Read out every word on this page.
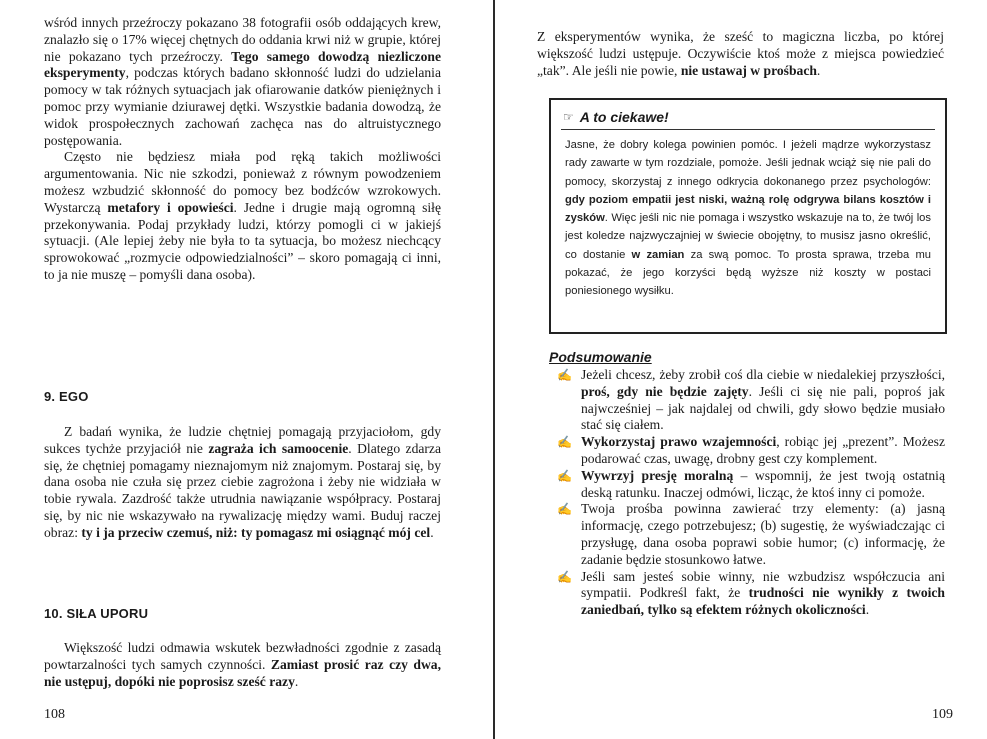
wśród innych przeźroczy pokazano 38 fotografii osób oddających krew, znalazło się o 17% więcej chętnych do oddania krwi niż w grupie, której nie pokazano tych przeźroczy. Tego samego dowodzą niezliczone eksperymenty, podczas których badano skłonność ludzi do udzielania pomocy w tak różnych sytuacjach jak ofiarowanie datków pieniężnych i pomoc przy wymianie dziurawej dętki. Wszystkie badania dowodzą, że widok prospołecznych zachowań zachęca nas do altruistycznego postępowania.

Często nie będziesz miała pod ręką takich możliwości argumentowania. Nic nie szkodzi, ponieważ z równym powodzeniem możesz wzbudzić skłonność do pomocy bez bodźców wzrokowych. Wystarczą metafory i opowieści. Jedne i drugie mają ogromną siłę przekonywania. Podaj przykłady ludzi, którzy pomogli ci w jakiejś sytuacji. (Ale lepiej żeby nie była to ta sytuacja, bo możesz niechcący sprowokować „rozmycie odpowiedzialności” – skoro pomagają ci inni, to ja nie muszę – pomyśli dana osoba).

9. EGO

Z badań wynika, że ludzie chętniej pomagają przyjaciołom, gdy sukces tychże przyjaciół nie zagraża ich samoocenie. Dlatego zdarza się, że chętniej pomagamy nieznajomym niż znajomym. Postaraj się, by dana osoba nie czuła się przez ciebie zagrożona i żeby nie widziała w tobie rywala. Zazdrość także utrudnia nawiązanie współpracy. Postaraj się, by nic nie wskazywało na rywalizację między wami. Buduj raczej obraz: ty i ja przeciw czemuś, niż: ty pomagasz mi osiągnąć mój cel.

10. SIŁA UPORU

Większość ludzi odmawia wskutek bezwładności zgodnie z zasadą powtarzalności tych samych czynności. Zamiast prosić raz czy dwa, nie ustępuj, dopóki nie poprosisz sześć razy.

108

Z eksperymentów wynika, że sześć to magiczna liczba, po której większość ludzi ustępuje. Oczywiście ktoś może z miejsca powiedzieć „tak”. Ale jeśli nie powie, nie ustawaj w prośbach.

☞ A to ciekawe!
Jasne, że dobry kolega powinien pomóc. I jeżeli mądrze wykorzystasz rady zawarte w tym rozdziale, pomoże. Jeśli jednak wciąż się nie pali do pomocy, skorzystaj z innego odkrycia dokonanego przez psychologów: gdy poziom empatii jest niski, ważną rolę odgrywa bilans kosztów i zysków. Więc jeśli nic nie pomaga i wszystko wskazuje na to, że twój los jest koledze najzwyczajniej w świecie obojętny, to musisz jasno określić, co dostanie w zamian za swą pomoc. To prosta sprawa, trzeba mu pokazać, że jego korzyści będą wyższe niż koszty w postaci poniesionego wysiłku.
Podsumowanie
✍ Jeżeli chcesz, żeby zrobił coś dla ciebie w niedalekiej przyszłości, proś, gdy nie będzie zajęty. Jeśli ci się nie pali, poproś jak najwcześniej – jak najdalej od chwili, gdy słowo będzie musiało stać się ciałem.
✍ Wykorzystaj prawo wzajemności, robiąc jej „prezent”. Możesz podarować czas, uwagę, drobny gest czy komplement.
✍ Wywrzyj presję moralną – wspomnij, że jest twoją ostatnią deską ratunku. Inaczej odmówi, licząc, że ktoś inny ci pomoże.
✍ Twoja prośba powinna zawierać trzy elementy: (a) jasną informację, czego potrzebujesz; (b) sugestię, że wyświadczając ci przysługę, dana osoba poprawi sobie humor; (c) informację, że zadanie będzie stosunkowo łatwe.
✍ Jeśli sam jesteś sobie winny, nie wzbudzisz współczucia ani sympatii. Podkreśl fakt, że trudności nie wynikły z twoich zaniedbań, tylko są efektem różnych okoliczności.
109
